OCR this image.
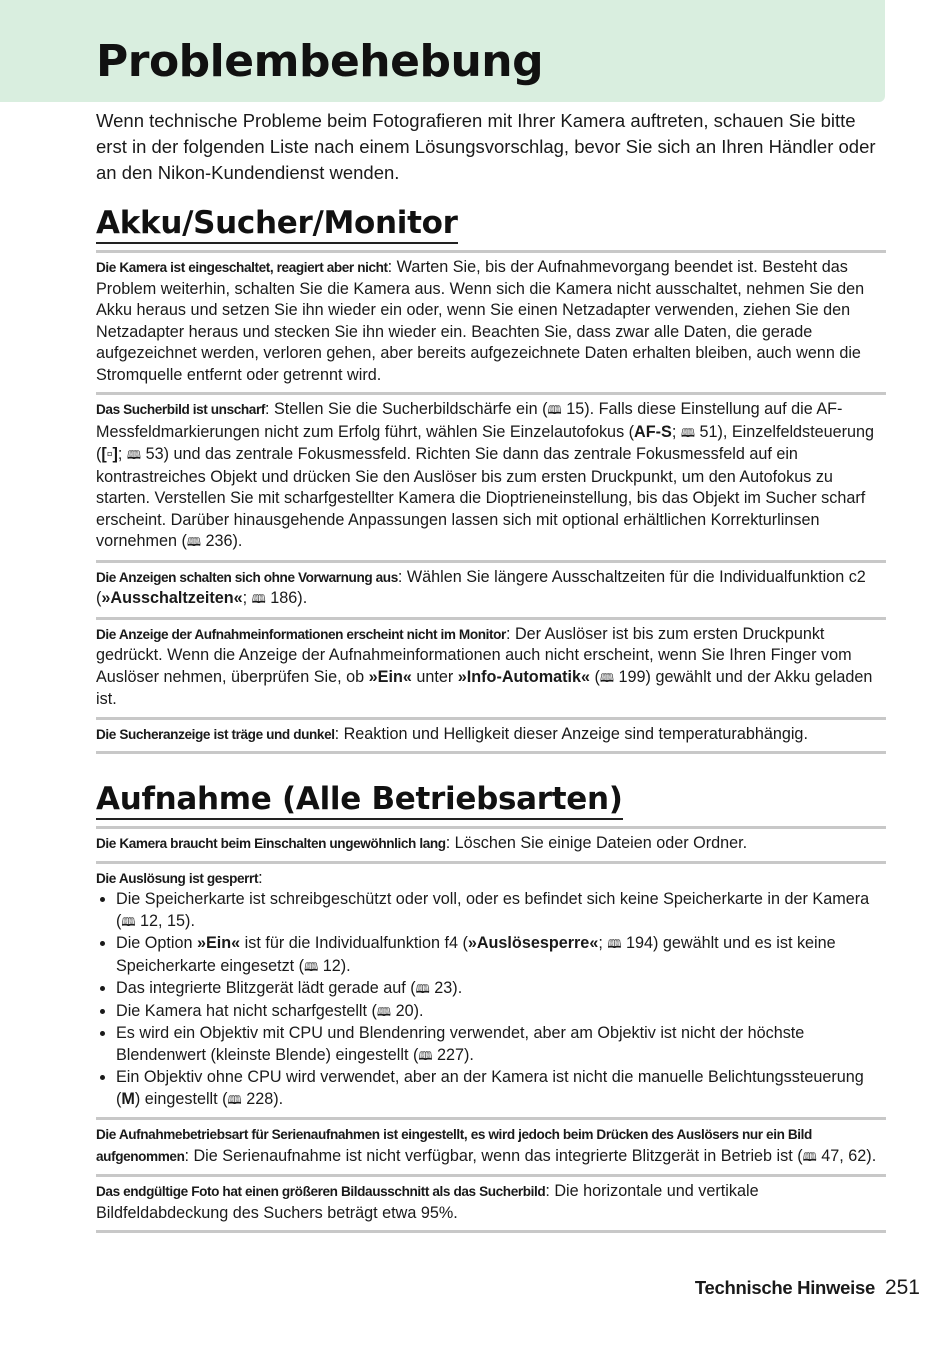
Problembehebung

Wenn technische Probleme beim Fotografieren mit Ihrer Kamera auftreten, schauen Sie bitte erst in der folgenden Liste nach einem Lösungsvorschlag, bevor Sie sich an Ihren Händler oder an den Nikon-Kundendienst wenden.

Akku/Sucher/Monitor
Die Kamera ist eingeschaltet, reagiert aber nicht: Warten Sie, bis der Aufnahmevorgang beendet ist. Besteht das Problem weiterhin, schalten Sie die Kamera aus. Wenn sich die Kamera nicht ausschaltet, nehmen Sie den Akku heraus und setzen Sie ihn wieder ein oder, wenn Sie einen Netzadapter verwenden, ziehen Sie den Netzadapter heraus und stecken Sie ihn wieder ein. Beachten Sie, dass zwar alle Daten, die gerade aufgezeichnet werden, verloren gehen, aber bereits aufgezeichnete Daten erhalten bleiben, auch wenn die Stromquelle entfernt oder getrennt wird.
Das Sucherbild ist unscharf: Stellen Sie die Sucherbildschärfe ein (🕮 15). Falls diese Einstellung auf die AF-Messfeldmarkierungen nicht zum Erfolg führt, wählen Sie Einzelautofokus (AF-S; 🕮 51), Einzelfeldsteuerung ([▫]; 🕮 53) und das zentrale Fokusmessfeld. Richten Sie dann das zentrale Fokusmessfeld auf ein kontrastreiches Objekt und drücken Sie den Auslöser bis zum ersten Druckpunkt, um den Autofokus zu starten. Verstellen Sie mit scharfgestellter Kamera die Dioptrieneinstellung, bis das Objekt im Sucher scharf erscheint. Darüber hinausgehende Anpassungen lassen sich mit optional erhältlichen Korrekturlinsen vornehmen (🕮 236).
Die Anzeigen schalten sich ohne Vorwarnung aus: Wählen Sie längere Ausschaltzeiten für die Individualfunktion c2 (»Ausschaltzeiten«; 🕮 186).
Die Anzeige der Aufnahmeinformationen erscheint nicht im Monitor: Der Auslöser ist bis zum ersten Druckpunkt gedrückt. Wenn die Anzeige der Aufnahmeinformationen auch nicht erscheint, wenn Sie Ihren Finger vom Auslöser nehmen, überprüfen Sie, ob »Ein« unter »Info-Automatik« (🕮 199) gewählt und der Akku geladen ist.
Die Sucheranzeige ist träge und dunkel: Reaktion und Helligkeit dieser Anzeige sind temperaturabhängig.
Aufnahme (Alle Betriebsarten)
Die Kamera braucht beim Einschalten ungewöhnlich lang: Löschen Sie einige Dateien oder Ordner.
Die Auslösung ist gesperrt:
• Die Speicherkarte ist schreibgeschützt oder voll, oder es befindet sich keine Speicherkarte in der Kamera (🕮 12, 15).
• Die Option »Ein« ist für die Individualfunktion f4 (»Auslösesperre«; 🕮 194) gewählt und es ist keine Speicherkarte eingesetzt (🕮 12).
• Das integrierte Blitzgerät lädt gerade auf (🕮 23).
• Die Kamera hat nicht scharfgestellt (🕮 20).
• Es wird ein Objektiv mit CPU und Blendenring verwendet, aber am Objektiv ist nicht der höchste Blendenwert (kleinste Blende) eingestellt (🕮 227).
• Ein Objektiv ohne CPU wird verwendet, aber an der Kamera ist nicht die manuelle Belichtungssteuerung (M) eingestellt (🕮 228).
Die Aufnahmebetriebsart für Serienaufnahmen ist eingestellt, es wird jedoch beim Drücken des Auslösers nur ein Bild aufgenommen: Die Serienaufnahme ist nicht verfügbar, wenn das integrierte Blitzgerät in Betrieb ist (🕮 47, 62).
Das endgültige Foto hat einen größeren Bildausschnitt als das Sucherbild: Die horizontale und vertikale Bildfeldabdeckung des Suchers beträgt etwa 95%.
Technische Hinweise 251
